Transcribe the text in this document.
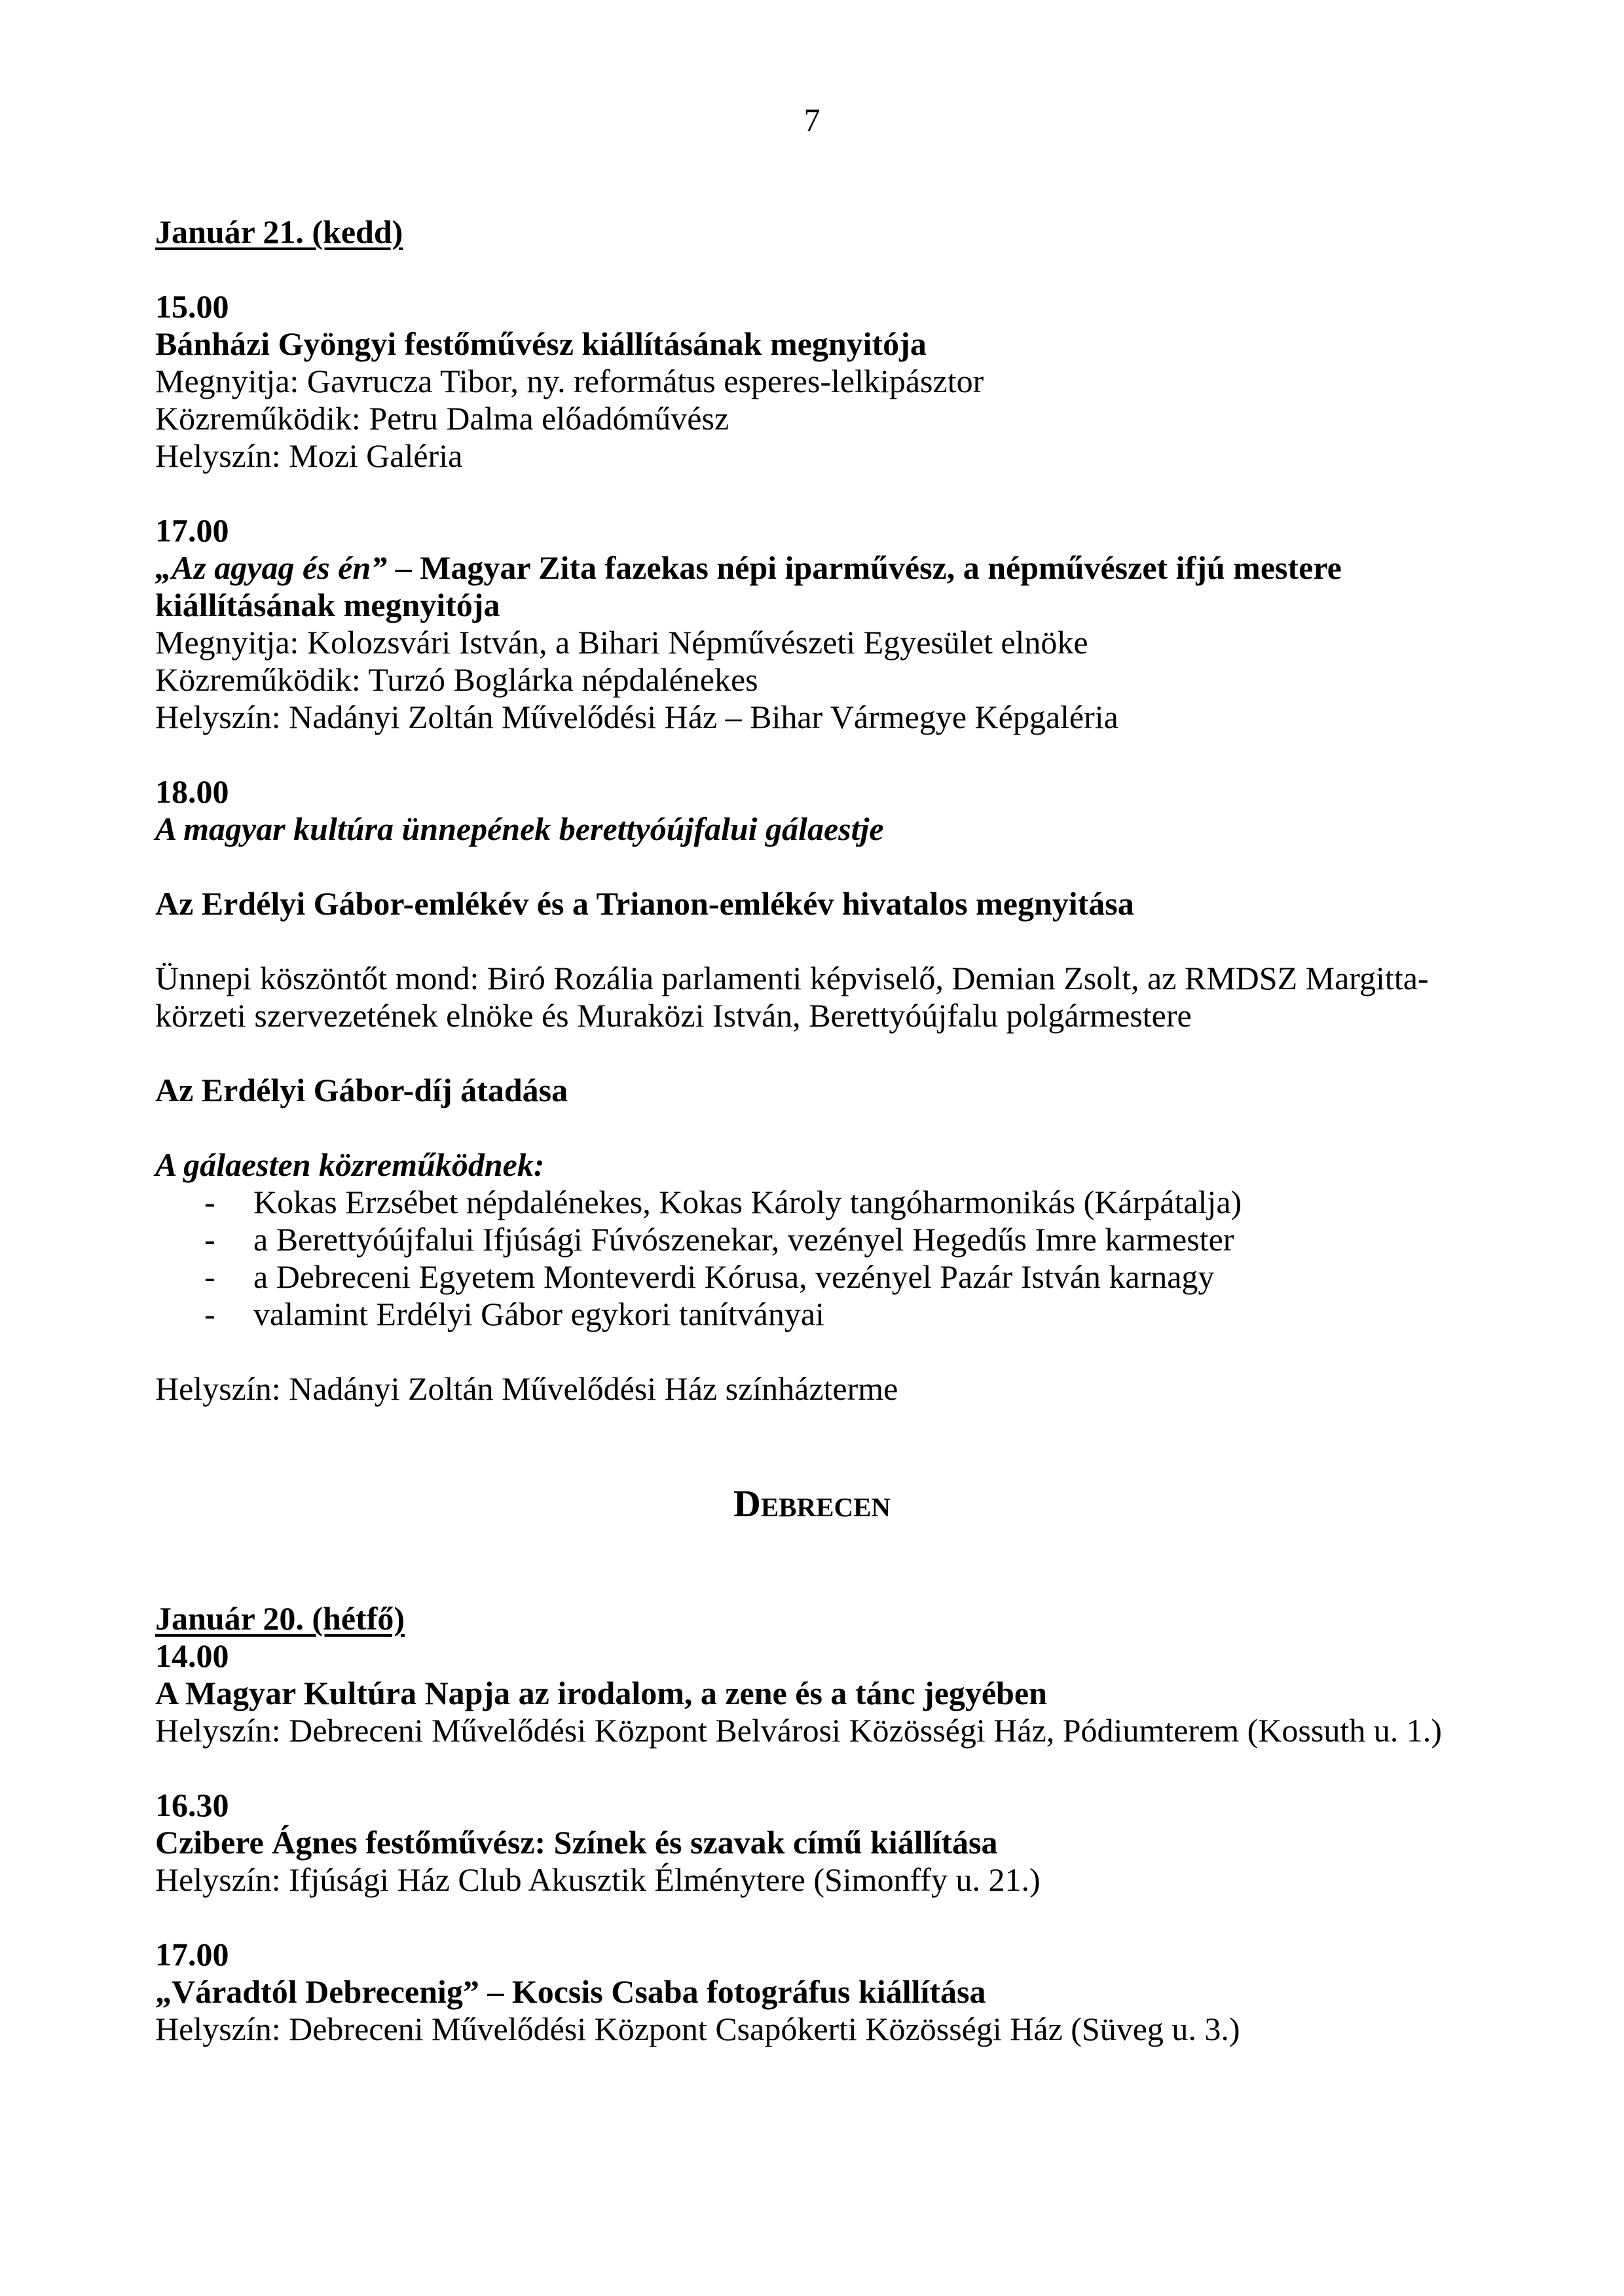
7
Január 21. (kedd)
15.00
Bánházi Gyöngyi festőművész kiállításának megnyitója
Megnyitja: Gavrucza Tibor, ny. református esperes-lelkipásztor
Közreműködik: Petru Dalma előadóművész
Helyszín: Mozi Galéria
17.00
„Az agyag és én” – Magyar Zita fazekas népi iparművész, a népművészet ifjú mestere
kiállításának megnyitója
Megnyitja: Kolozsvári István, a Bihari Népművészeti Egyesület elnöke
Közreműködik: Turzó Boglárka népdalénekes
Helyszín: Nadányi Zoltán Művelődési Ház – Bihar Vármegye Képgaléria
18.00
A magyar kultúra ünnepének berettyóújfalui gálaestje
Az Erdélyi Gábor-emlékév és a Trianon-emlékév hivatalos megnyitása
Ünnepi köszöntőt mond: Biró Rozália parlamenti képviselő, Demian Zsolt, az RMDSZ Margitta-
körzeti szervezetének elnöke és Muraközi István, Berettyóújfalu polgármestere
Az Erdélyi Gábor-díj átadása
A gálaesten közreműködnek:
-	Kokas Erzsébet népdalénekes, Kokas Károly tangóharmonikás (Kárpátalja)
-	a Berettyóújfalui Ifjúsági Fúvószenekar, vezényel Hegedűs Imre karmester
-	a Debreceni Egyetem Monteverdi Kórusa, vezényel Pazár István karnagy
-	valamint Erdélyi Gábor egykori tanítványai
Helyszín: Nadányi Zoltán Művelődési Ház színházterme
Debrecen
Január 20. (hétfő)
14.00
A Magyar Kultúra Napja az irodalom, a zene és a tánc jegyében
Helyszín: Debreceni Művelődési Központ Belvárosi Közösségi Ház, Pódiumterem (Kossuth u. 1.)
16.30
Czibere Ágnes festőművész: Színek és szavak című kiállítása
Helyszín: Ifjúsági Ház Club Akusztik Élménytere (Simonffy u. 21.)
17.00
„Váradtól Debrecenig” – Kocsis Csaba fotográfus kiállítása
Helyszín: Debreceni Művelődési Központ Csapókerti Közösségi Ház (Süveg u. 3.)
